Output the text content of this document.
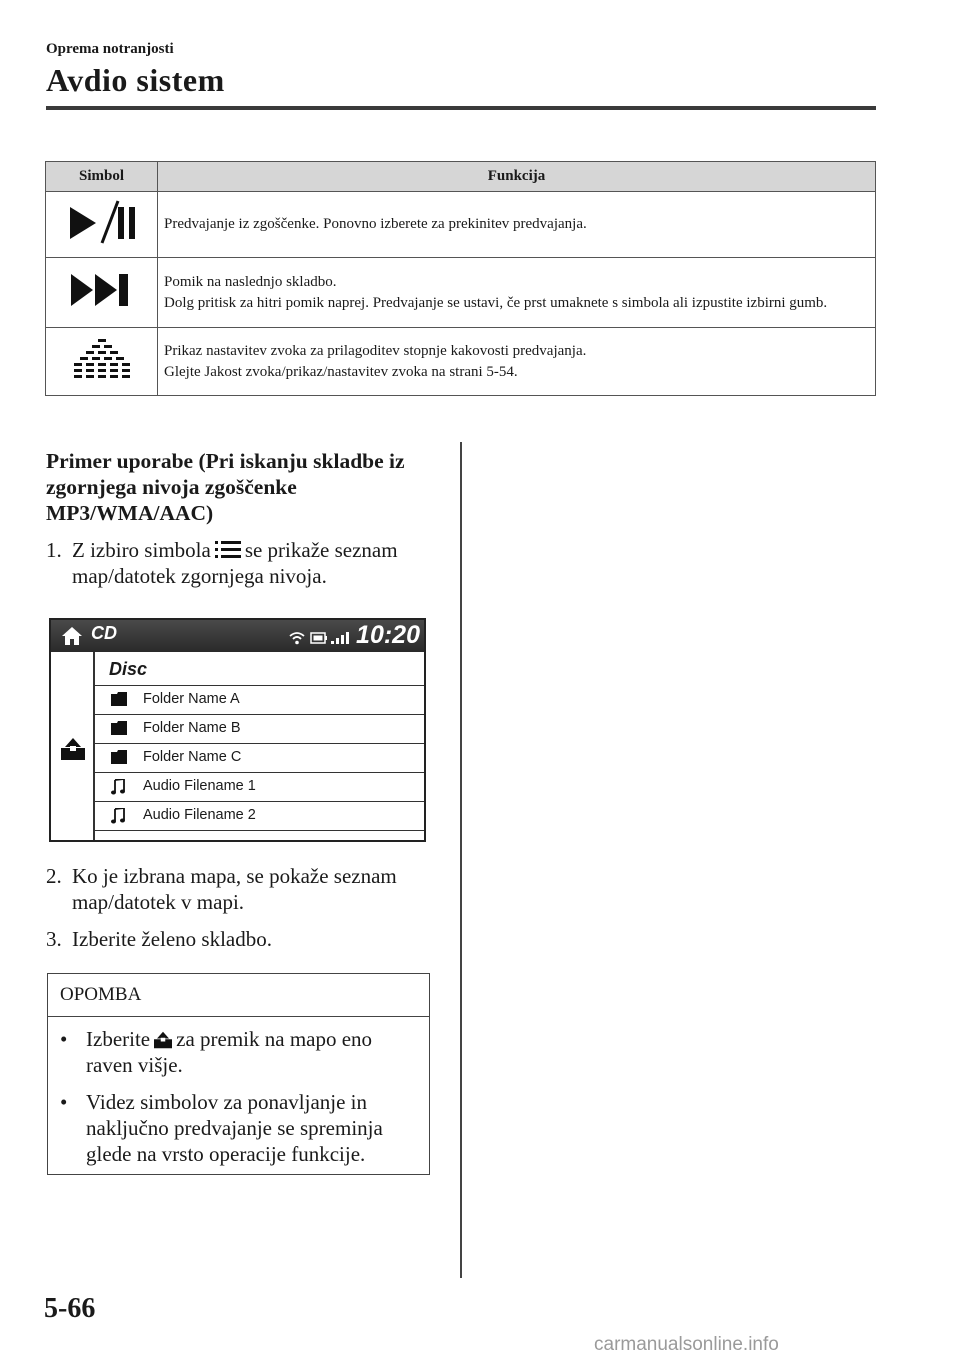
Oprema notranjosti
Avdio sistem
Simbol	Funkcija
	Predvajanje iz zgoščenke. Ponovno izberete za prekinitev predvajanja.

Pomik na naslednjo skladbo.
Dolg pritisk za hitri pomik naprej. Predvajanje se ustavi, če prst umaknete s simbola ali izpustite izbirni gumb.

Prikaz nastavitev zvoka za prilagoditev stopnje kakovosti predvajanja.
Glejte Jakost zvoka/prikaz/nastavitev zvoka na strani 5-54.
Primer uporabe (Pri iskanju skladbe iz zgornjega nivoja zgoščenke MP3/WMA/AAC)
1. Z izbiro simbola se prikaže seznam map/datotek zgornjega nivoja.
CD	10:20
Disc
Folder Name A
Folder Name B
Folder Name C
Audio Filename 1
Audio Filename 2
2. Ko je izbrana mapa, se pokaže seznam map/datotek v mapi.
3. Izberite želeno skladbo.
OPOMBA
• Izberite za premik na mapo eno raven višje.
• Videz simbolov za ponavljanje in naključno predvajanje se spreminja glede na vrsto operacije funkcije.
5-66
carmanualsonline.info
